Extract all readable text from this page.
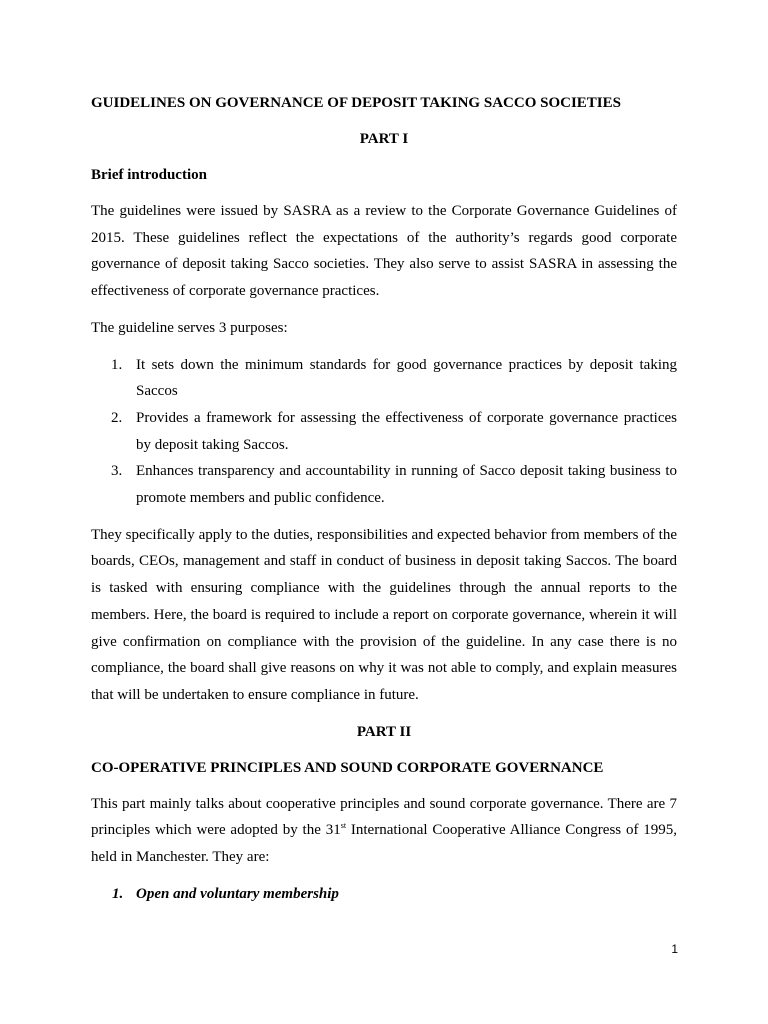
GUIDELINES ON GOVERNANCE OF DEPOSIT TAKING SACCO SOCIETIES

PART I

Brief introduction

The guidelines were issued by SASRA as a review to the Corporate Governance Guidelines of 2015. These guidelines reflect the expectations of the authority’s regards good corporate governance of deposit taking Sacco societies. They also serve to assist SASRA in assessing the effectiveness of corporate governance practices.

The guideline serves 3 purposes:

1. It sets down the minimum standards for good governance practices by deposit taking Saccos
2. Provides a framework for assessing the effectiveness of corporate governance practices by deposit taking Saccos.
3. Enhances transparency and accountability in running of Sacco deposit taking business to promote members and public confidence.

They specifically apply to the duties, responsibilities and expected behavior from members of the boards, CEOs, management and staff in conduct of business in deposit taking Saccos. The board is tasked with ensuring compliance with the guidelines through the annual reports to the members. Here, the board is required to include a report on corporate governance, wherein it will give confirmation on compliance with the provision of the guideline. In any case there is no compliance, the board shall give reasons on why it was not able to comply, and explain measures that will be undertaken to ensure compliance in future.

PART II

CO-OPERATIVE PRINCIPLES AND SOUND CORPORATE GOVERNANCE

This part mainly talks about cooperative principles and sound corporate governance. There are 7 principles which were adopted by the 31st International Cooperative Alliance Congress of 1995, held in Manchester. They are:

1. Open and voluntary membership

1
